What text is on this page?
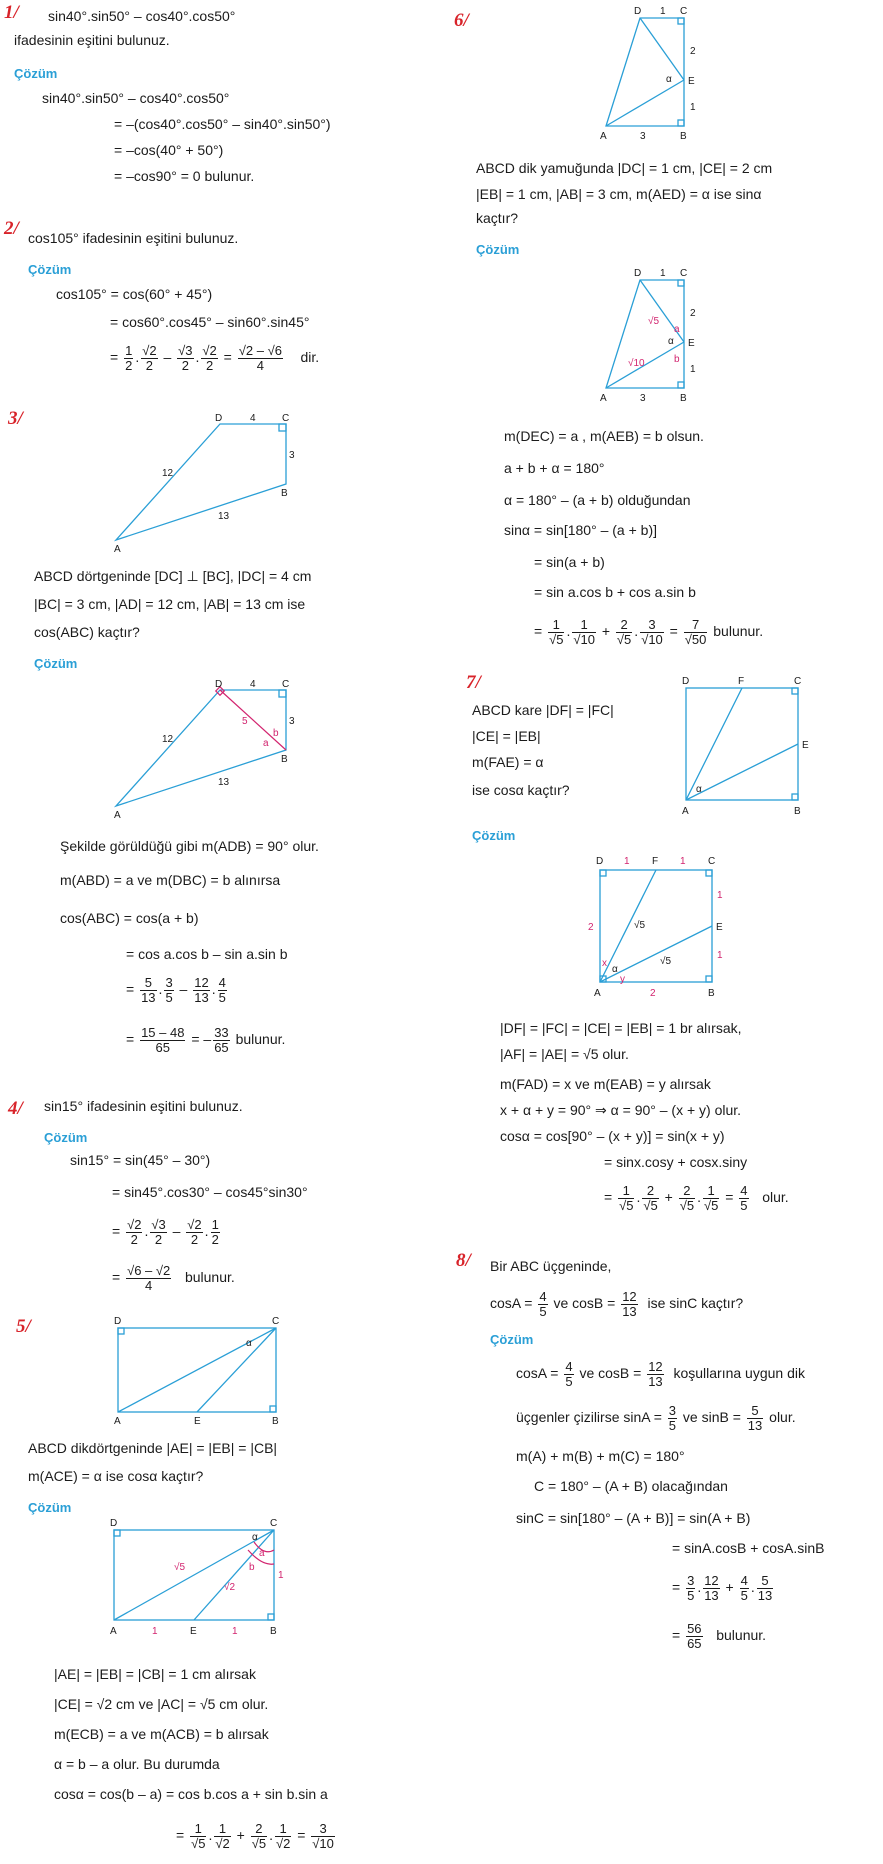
1/ sin40°.sin50° – cos40°.cos50°
ifadesinin eşitini bulunuz.
Çözüm
sin40°.sin50° – cos40°.cos50°
= –(cos40°.cos50° – sin40°.sin50°)
= –cos(40° + 50°)
= –cos90° = 0 bulunur.
2/ cos105° ifadesinin eşitini bulunuz.
Çözüm
cos105° = cos(60° + 45°)
= cos60°.cos45° – sin60°.sin45°
= $\frac{1}{2}$ . $\frac{√2}{2} - \frac{√3}{2}$ . $\frac{√2}{2} = \frac{√2 - √6}{4}$ dir.
3/	D	C
B
A
4
3
12
13
ABCD dörtgeninde [DC] ⊥ [BC], |DC| = 4 cm
|BC| = 3 cm, |AD| = 12 cm, |AB| = 13 cm ise
cos(ABC) kaçtır?
Çözüm
D	C
B
A
4
3
12
13
5
b
a
Şekilde görüldüğü gibi m(ADB) = 90° olur.
m(ABD) = a ve m(DBC) = b alınırsa
cos(ABC) = cos(a + b)
= cos a.cos b – sin a.sin b
= $\frac{5}{13}$ . $\frac{3}{5} - \frac{12}{13}$ . $\frac{4}{5}$
= $\frac{15 - 48}{65}$ = – $\frac{33}{65}$ bulunur.
4/ sin15° ifadesinin eşitini bulunuz.
Çözüm
sin15° = sin(45° – 30°)
= sin45°.cos30° – cos45°sin30°
= $\frac{√2}{2}$ . $\frac{√3}{2} - \frac{√2}{2}$ . $\frac{1}{2}$
= $\frac{√6 - √2}{4}$ bulunur.
5/	D	C
A	E	B
α
ABCD dikdörtgeninde |AE| = |EB| = |CB|
m(ACE) = α ise cosα kaçtır?
Çözüm
D	C
A	E	B
α
a
b
√5
√2
1	1
1
|AE| = |EB| = |CB| = 1 cm alırsak
|CE| = √2 cm ve |AC| = √5 cm olur.
m(ECB) = a ve m(ACB) = b alırsak
α = b – a olur. Bu durumda
cosα = cos(b – a) = cos b.cos a + sin b.sin a
= $\frac{1}{√5}$ . $\frac{1}{√2} + \frac{2}{√5}$ . $\frac{1}{√2} = \frac{3}{√10}$
6/	D 1 C
2
E
1
A	3	B
α
ABCD dik yamuğunda |DC| = 1 cm, |CE| = 2 cm
|EB| = 1 cm, |AB| = 3 cm, m(AED) = α ise sinα
kaçtır?
Çözüm
D 1 C
2
E
1
A	3	B
α
√5
a
b
√10
m(DEC) = a , m(AEB) = b olsun.
a + b + α = 180°
α = 180° – (a + b) olduğundan
sinα = sin[180° – (a + b)]
= sin(a + b)
= sin a.cos b + cos a.sin b
= $\frac{1}{√5}$ . $\frac{1}{√10} + \frac{2}{√5}$ . $\frac{3}{√10} = \frac{7}{√50}$ bulunur.
7/
ABCD kare |DF| = |FC|
|CE| = |EB|
m(FAE) = α
ise cosα kaçtır?
D	F	C
E
A	B
α
Çözüm
D	F	C
1	1
E
1
1
2
2
A	B
x
α
y
√5
√5
|DF| = |FC| = |CE| = |EB| = 1 br alırsak,
|AF| = |AE| = √5 olur.
m(FAD) = x ve m(EAB) = y alırsak
x + α + y = 90° ⇒ α = 90° – (x + y) olur.
cosα = cos[90° – (x + y)] = sin(x + y)
= sinx.cosy + cosx.siny
= $\frac{1}{√5}$ . $\frac{2}{√5} + \frac{2}{√5}$ . $\frac{1}{√5} = \frac{4}{5}$ olur.
8/ Bir ABC üçgeninde,
$\cos A = \frac{4}{5}$ ve $\cos B = \frac{12}{13}$ ise sinC kaçtır?
Çözüm
$\cos A = \frac{4}{5}$ ve $\cos B = \frac{12}{13}$ koşullarına uygun dik
üçgenler çizilirse $\sin A = \frac{3}{5}$ ve $\sin B = \frac{5}{13}$ olur.
m(A) + m(B) + m(C) = 180°
C = 180° – (A + B) olacağından
sinC = sin[180° – (A + B)] = sin(A + B)
= sinA.cosB + cosA.sinB
= $\frac{3}{5}$ . $\frac{12}{13} + \frac{4}{5}$ . $\frac{5}{13}$
= $\frac{56}{65}$ bulunur.
